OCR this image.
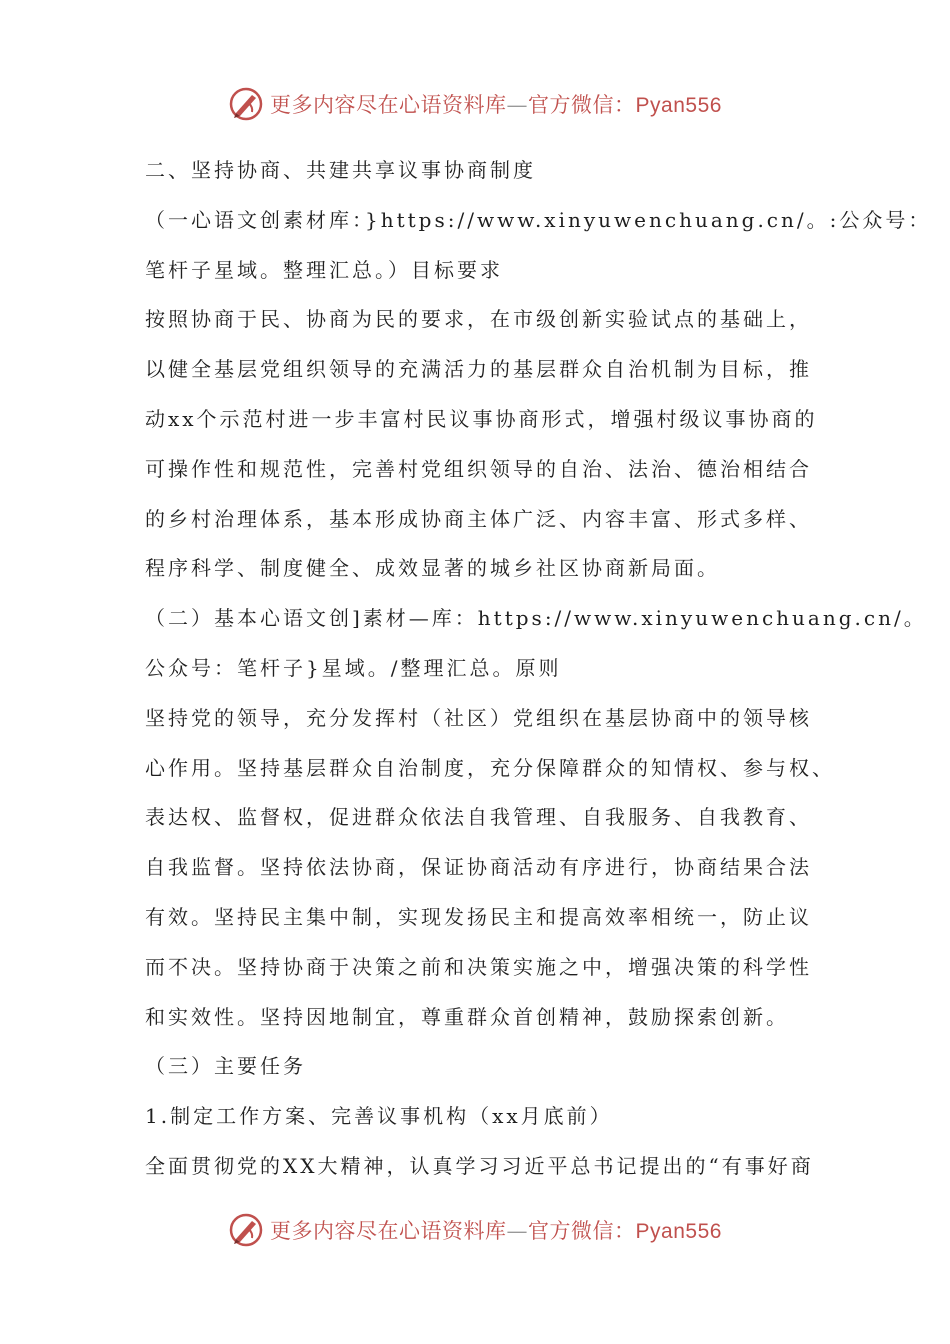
更多内容尽在心语资料库—官方微信：Pyan556
二、坚持协商、共建共享议事协商制度
（一心语文创素材库：}https://www.xinyuwenchuang.cn/。:公众号：
笔杆子星域。整理汇总。）目标要求
按照协商于民、协商为民的要求，在市级创新实验试点的基础上，
以健全基层党组织领导的充满活力的基层群众自治机制为目标，推
动xx个示范村进一步丰富村民议事协商形式，增强村级议事协商的
可操作性和规范性，完善村党组织领导的自治、法治、德治相结合
的乡村治理体系，基本形成协商主体广泛、内容丰富、形式多样、
程序科学、制度健全、成效显著的城乡社区协商新局面。
（二）基本心语文创]素材—库：https://www.xinyuwenchuang.cn/。
公众号：笔杆子}星域。/整理汇总。原则
坚持党的领导，充分发挥村（社区）党组织在基层协商中的领导核
心作用。坚持基层群众自治制度，充分保障群众的知情权、参与权、
表达权、监督权，促进群众依法自我管理、自我服务、自我教育、
自我监督。坚持依法协商，保证协商活动有序进行，协商结果合法
有效。坚持民主集中制，实现发扬民主和提高效率相统一，防止议
而不决。坚持协商于决策之前和决策实施之中，增强决策的科学性
和实效性。坚持因地制宜，尊重群众首创精神，鼓励探索创新。
（三）主要任务
1.制定工作方案、完善议事机构（xx月底前）
全面贯彻党的XX大精神，认真学习习近平总书记提出的“有事好商
更多内容尽在心语资料库—官方微信：Pyan556
